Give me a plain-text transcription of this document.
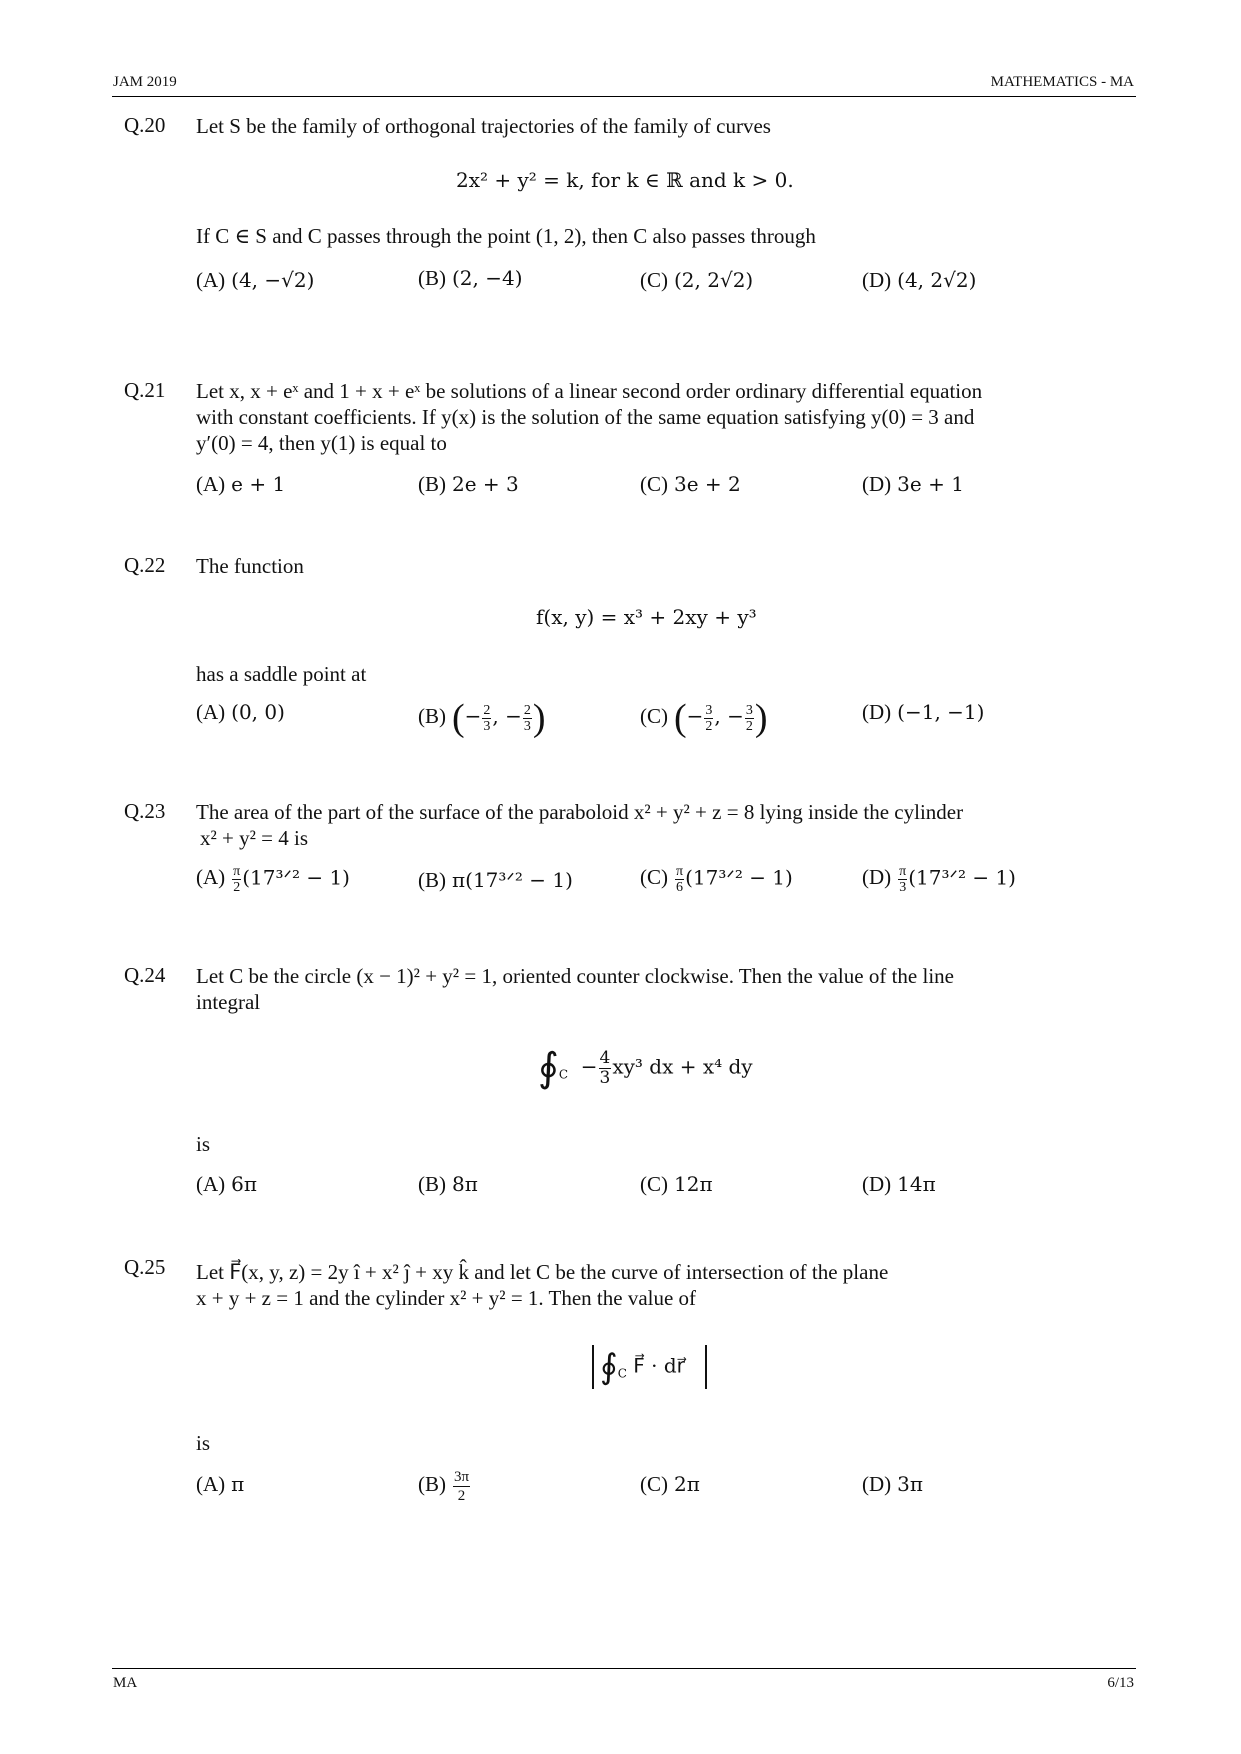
JAM 2019	MATHEMATICS - MA
Q.20 Let S be the family of orthogonal trajectories of the family of curves
2x² + y² = k, for k ∈ ℝ and k > 0.
If C ∈ S and C passes through the point (1, 2), then C also passes through
(A) (4, −√2)	(B) (2, −4)	(C) (2, 2√2)	(D) (4, 2√2)
Q.21 Let x, x + eˣ and 1 + x + eˣ be solutions of a linear second order ordinary differential equation
with constant coefficients. If y(x) is the solution of the same equation satisfying y(0) = 3 and
y′(0) = 4, then y(1) is equal to
(A) e + 1	(B) 2e + 3	(C) 3e + 2	(D) 3e + 1
Q.22 The function
f(x, y) = x³ + 2xy + y³
has a saddle point at
(A) (0, 0)	(B) (− $\frac{2}{3}$ , − $\frac{2}{3}$ )	(C) (− $\frac{3}{2}$ , − $\frac{3}{2}$ )	(D) (−1, −1)
Q.23 The area of the part of the surface of the paraboloid x² + y² + z = 8 lying inside the cylinder
x² + y² = 4 is
$(A) \frac{\pi}{2}$ (17³ᐟ² − 1)	(B) π(17³ᐟ² − 1)	$(C) \frac{\pi}{6}$ (17³ᐟ² − 1)	$(D) \frac{\pi}{3}$ (17³ᐟ² − 1)
Q.24 Let C be the circle (x − 1)² + y² = 1, oriented counter clockwise. Then the value of the line
integral
$∮_C - \frac{4}{3} xy^3$ dx + x⁴ dy
is
(A) 6π	(B) 8π	(C) 12π	(D) 14π
Q.25 Let F⃗(x, y, z) = 2y î + x² ĵ + xy k̂ and let C be the curve of intersection of the plane
x + y + z = 1 and the cylinder x² + y² = 1. Then the value of
$∮_C$ F⃗ · dr⃗
is
(A) π	$(B) \frac{3\pi}{2}$	(C) 2π	(D) 3π
MA	6/13
